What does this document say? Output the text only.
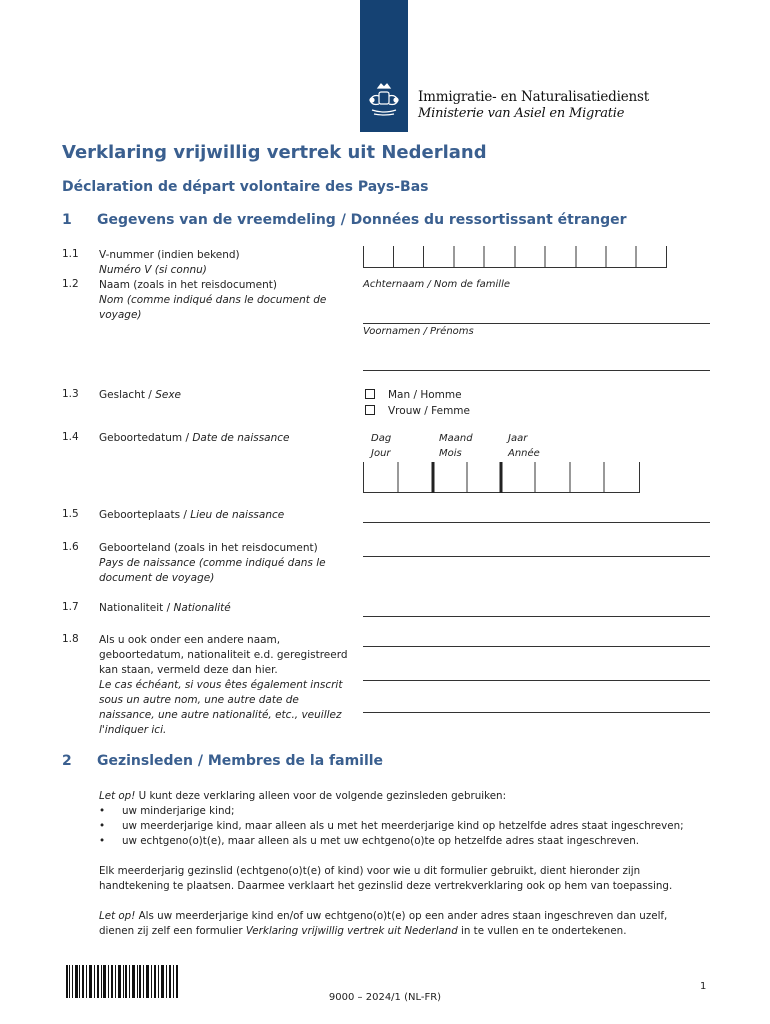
Immigratie- en Naturalisatiedienst
Ministerie van Asiel en Migratie
Verklaring vrijwillig vertrek uit Nederland
Déclaration de départ volontaire des Pays-Bas
1 Gegevens van de vreemdeling / Données du ressortissant étranger
1.1 V-nummer (indien bekend)
Numéro V (si connu)
1.2 Naam (zoals in het reisdocument)
Nom (comme indiqué dans le document de voyage)
Achternaam / Nom de famille
Voornamen / Prénoms
1.3 Geslacht / Sexe	Man / Homme
Vrouw / Femme
1.4 Geboortedatum / Date de naissance	Dag
Jour
Maand
Mois
Jaar
Année
1.5 Geboorteplaats / Lieu de naissance
1.6 Geboorteland (zoals in het reisdocument)
Pays de naissance (comme indiqué dans le document de voyage)
1.7 Nationaliteit / Nationalité
1.8 Als u ook onder een andere naam, geboortedatum, nationaliteit e.d. geregistreerd kan staan, vermeld deze dan hier.
Le cas échéant, si vous êtes également inscrit sous un autre nom, une autre date de naissance, une autre nationalité, etc., veuillez l'indiquer ici.
2 Gezinsleden / Membres de la famille

Let op! U kunt deze verklaring alleen voor de volgende gezinsleden gebruiken:

• uw minderjarige kind;
• uw meerderjarige kind, maar alleen als u met het meerderjarige kind op hetzelfde adres staat ingeschreven;
• uw echtgeno(o)t(e), maar alleen als u met uw echtgeno(o)te op hetzelfde adres staat ingeschreven.
Elk meerderjarig gezinslid (echtgeno(o)t(e) of kind) voor wie u dit formulier gebruikt, dient hieronder zijn handtekening te plaatsen. Daarmee verklaart het gezinslid deze vertrekverklaring ook op hem van toepassing.
Let op! Als uw meerderjarige kind en/of uw echtgeno(o)t(e) op een ander adres staan ingeschreven dan uzelf, dienen zij zelf een formulier Verklaring vrijwillig vertrek uit Nederland in te vullen en te ondertekenen.
9000 – 2024/1 (NL-FR)
1
